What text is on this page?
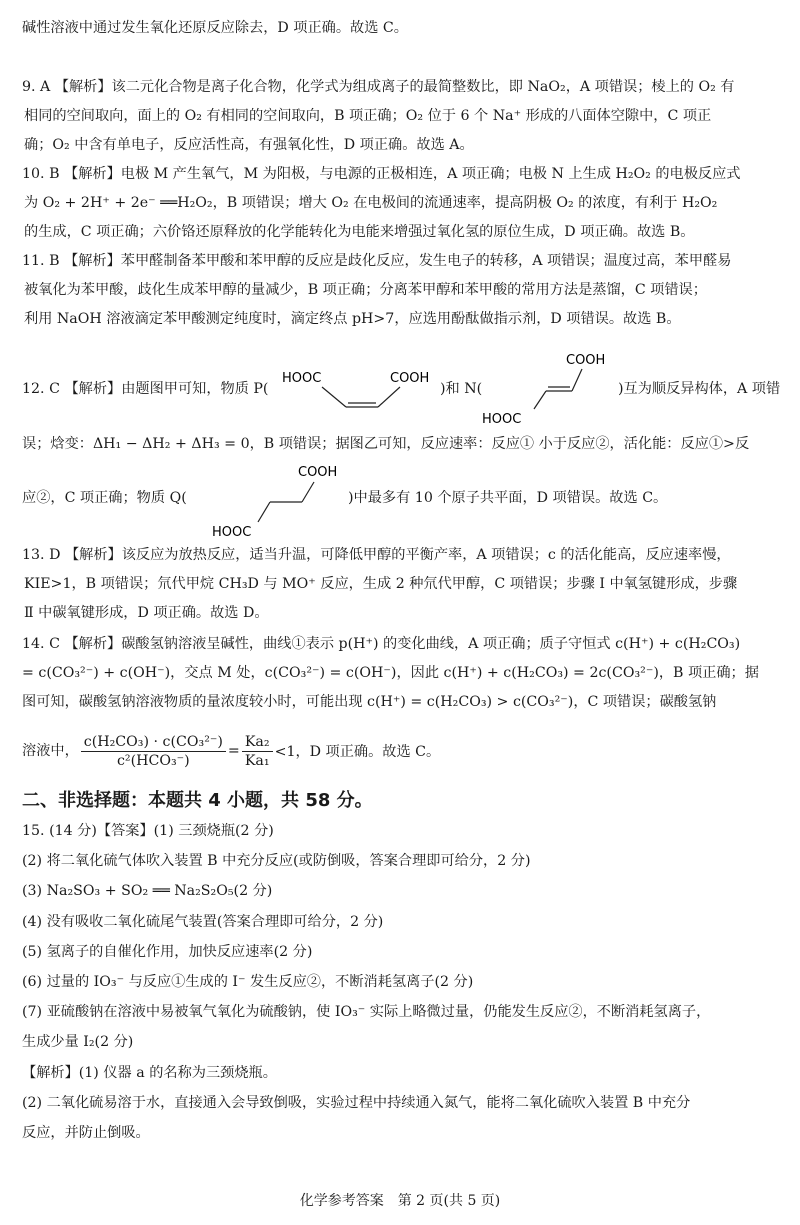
碱性溶液中通过发生氧化还原反应除去，D 项正确。故选 C。
9. A 【解析】该二元化合物是离子化合物，化学式为组成离子的最简整数比，即 NaO₂，A 项错误；棱上的 O₂ 有
相同的空间取向，面上的 O₂ 有相同的空间取向，B 项正确；O₂ 位于 6 个 Na⁺ 形成的八面体空隙中，C 项正
确；O₂ 中含有单电子，反应活性高，有强氧化性，D 项正确。故选 A。
10. B 【解析】电极 M 产生氧气，M 为阳极，与电源的正极相连，A 项正确；电极 N 上生成 H₂O₂ 的电极反应式
为 O₂ + 2H⁺ + 2e⁻ ══H₂O₂，B 项错误；增大 O₂ 在电极间的流通速率，提高阴极 O₂ 的浓度，有利于 H₂O₂
的生成，C 项正确；六价铬还原释放的化学能转化为电能来增强过氧化氢的原位生成，D 项正确。故选 B。
11. B 【解析】苯甲醛制备苯甲酸和苯甲醇的反应是歧化反应，发生电子的转移，A 项错误；温度过高，苯甲醛易
被氧化为苯甲酸，歧化生成苯甲醇的量减少，B 项正确；分离苯甲醇和苯甲酸的常用方法是蒸馏，C 项错误；
利用 NaOH 溶液滴定苯甲酸测定纯度时，滴定终点 pH>7，应选用酚酞做指示剂，D 项错误。故选 B。
12. C 【解析】由题图甲可知，物质 P(
HOOC	COOH
)和 N(
COOH
HOOC
)互为顺反异构体，A 项错
误；焓变：ΔH₁ − ΔH₂ + ΔH₃ = 0，B 项错误；据图乙可知，反应速率：反应① 小于反应②，活化能：反应①>反
应②，C 项正确；物质 Q(
COOH
HOOC
)中最多有 10 个原子共平面，D 项错误。故选 C。
13. D 【解析】该反应为放热反应，适当升温，可降低甲醇的平衡产率，A 项错误；c 的活化能高，反应速率慢，
KIE>1，B 项错误；氘代甲烷 CH₃D 与 MO⁺ 反应，生成 2 种氘代甲醇，C 项错误；步骤 Ⅰ 中氧氢键形成，步骤
Ⅱ 中碳氧键形成，D 项正确。故选 D。
14. C 【解析】碳酸氢钠溶液呈碱性，曲线①表示 p(H⁺) 的变化曲线，A 项正确；质子守恒式 c(H⁺) + c(H₂CO₃)
= c(CO₃²⁻) + c(OH⁻)，交点 M 处，c(CO₃²⁻) = c(OH⁻)，因此 c(H⁺) + c(H₂CO₃) = 2c(CO₃²⁻)，B 项正确；据
图可知，碳酸氢钠溶液物质的量浓度较小时，可能出现 c(H⁺) = c(H₂CO₃) > c(CO₃²⁻)，C 项错误；碳酸氢钠
溶液中， $\frac{\text{c(H₂CO₃) · c(CO₃²⁻)}}{\text{c²(HCO₃⁻)}} = \frac{\text{Ka₂}}{\text{Ka₁}} <1$，D 项正确。故选 C。
二、非选择题：本题共 4 小题，共 58 分。
15. (14 分)【答案】(1) 三颈烧瓶(2 分)
(2) 将二氧化硫气体吹入装置 B 中充分反应(或防倒吸，答案合理即可给分，2 分)
(3) Na₂SO₃ + SO₂ ══ Na₂S₂O₅(2 分)
(4) 没有吸收二氧化硫尾气装置(答案合理即可给分，2 分)
(5) 氢离子的自催化作用，加快反应速率(2 分)
(6) 过量的 IO₃⁻ 与反应①生成的 I⁻ 发生反应②，不断消耗氢离子(2 分)
(7) 亚硫酸钠在溶液中易被氧气氧化为硫酸钠，使 IO₃⁻ 实际上略微过量，仍能发生反应②，不断消耗氢离子，
生成少量 I₂(2 分)
【解析】(1) 仪器 a 的名称为三颈烧瓶。
(2) 二氧化硫易溶于水，直接通入会导致倒吸，实验过程中持续通入氮气，能将二氧化硫吹入装置 B 中充分
反应，并防止倒吸。
化学参考答案　第 2 页(共 5 页)
